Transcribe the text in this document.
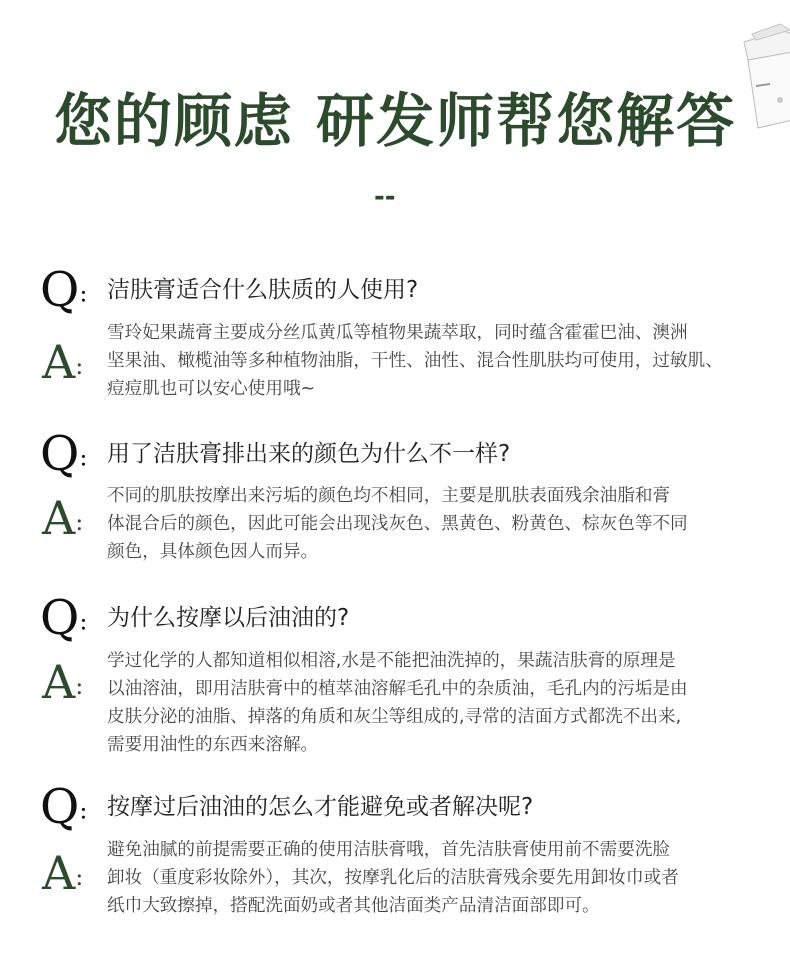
您的顾虑 研发师帮您解答
--
Q: 洁肤膏适合什么肤质的人使用?
A:
雪玲妃果蔬膏主要成分丝瓜黄瓜等植物果蔬萃取，同时蕴含霍霍巴油、澳洲
坚果油、橄榄油等多种植物油脂，干性、油性、混合性肌肤均可使用，过敏肌、
痘痘肌也可以安心使用哦~
Q: 用了洁肤膏排出来的颜色为什么不一样?
A:
不同的肌肤按摩出来污垢的颜色均不相同，主要是肌肤表面残余油脂和膏
体混合后的颜色，因此可能会出现浅灰色、黑黄色、粉黄色、棕灰色等不同
颜色，具体颜色因人而异。
Q: 为什么按摩以后油油的?
A:
学过化学的人都知道相似相溶,水是不能把油洗掉的，果蔬洁肤膏的原理是
以油溶油，即用洁肤膏中的植萃油溶解毛孔中的杂质油，毛孔内的污垢是由
皮肤分泌的油脂、掉落的角质和灰尘等组成的,寻常的洁面方式都洗不出来,
需要用油性的东西来溶解。
Q: 按摩过后油油的怎么才能避免或者解决呢?
A:
避免油腻的前提需要正确的使用洁肤膏哦，首先洁肤膏使用前不需要洗脸
卸妆（重度彩妆除外），其次，按摩乳化后的洁肤膏残余要先用卸妆巾或者
纸巾大致擦掉，搭配洗面奶或者其他洁面类产品清洁面部即可。
